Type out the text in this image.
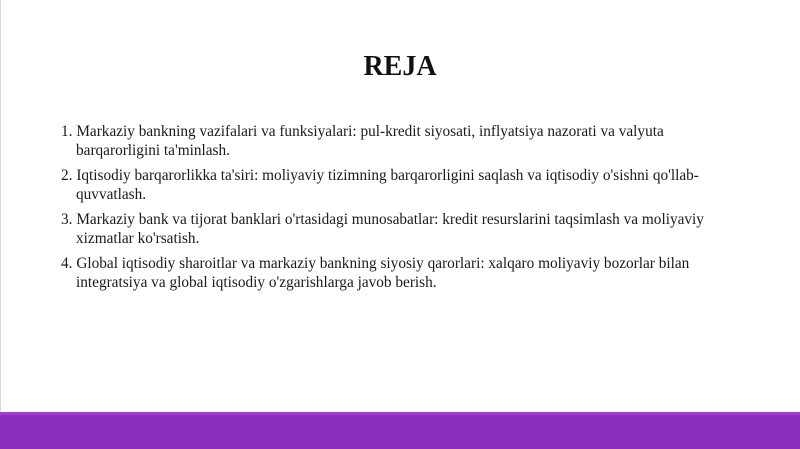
REJA
1. Markaziy bankning vazifalari va funksiyalari: pul-kredit siyosati, inflyatsiya nazorati va valyuta barqarorligini ta'minlash.
2. Iqtisodiy barqarorlikka ta'siri: moliyaviy tizimning barqarorligini saqlash va iqtisodiy o'sishni qo'llab-quvvatlash.
3. Markaziy bank va tijorat banklari o'rtasidagi munosabatlar: kredit resurslarini taqsimlash va moliyaviy xizmatlar ko'rsatish.
4. Global iqtisodiy sharoitlar va markaziy bankning siyosiy qarorlari: xalqaro moliyaviy bozorlar bilan integratsiya va global iqtisodiy o'zgarishlarga javob berish.
